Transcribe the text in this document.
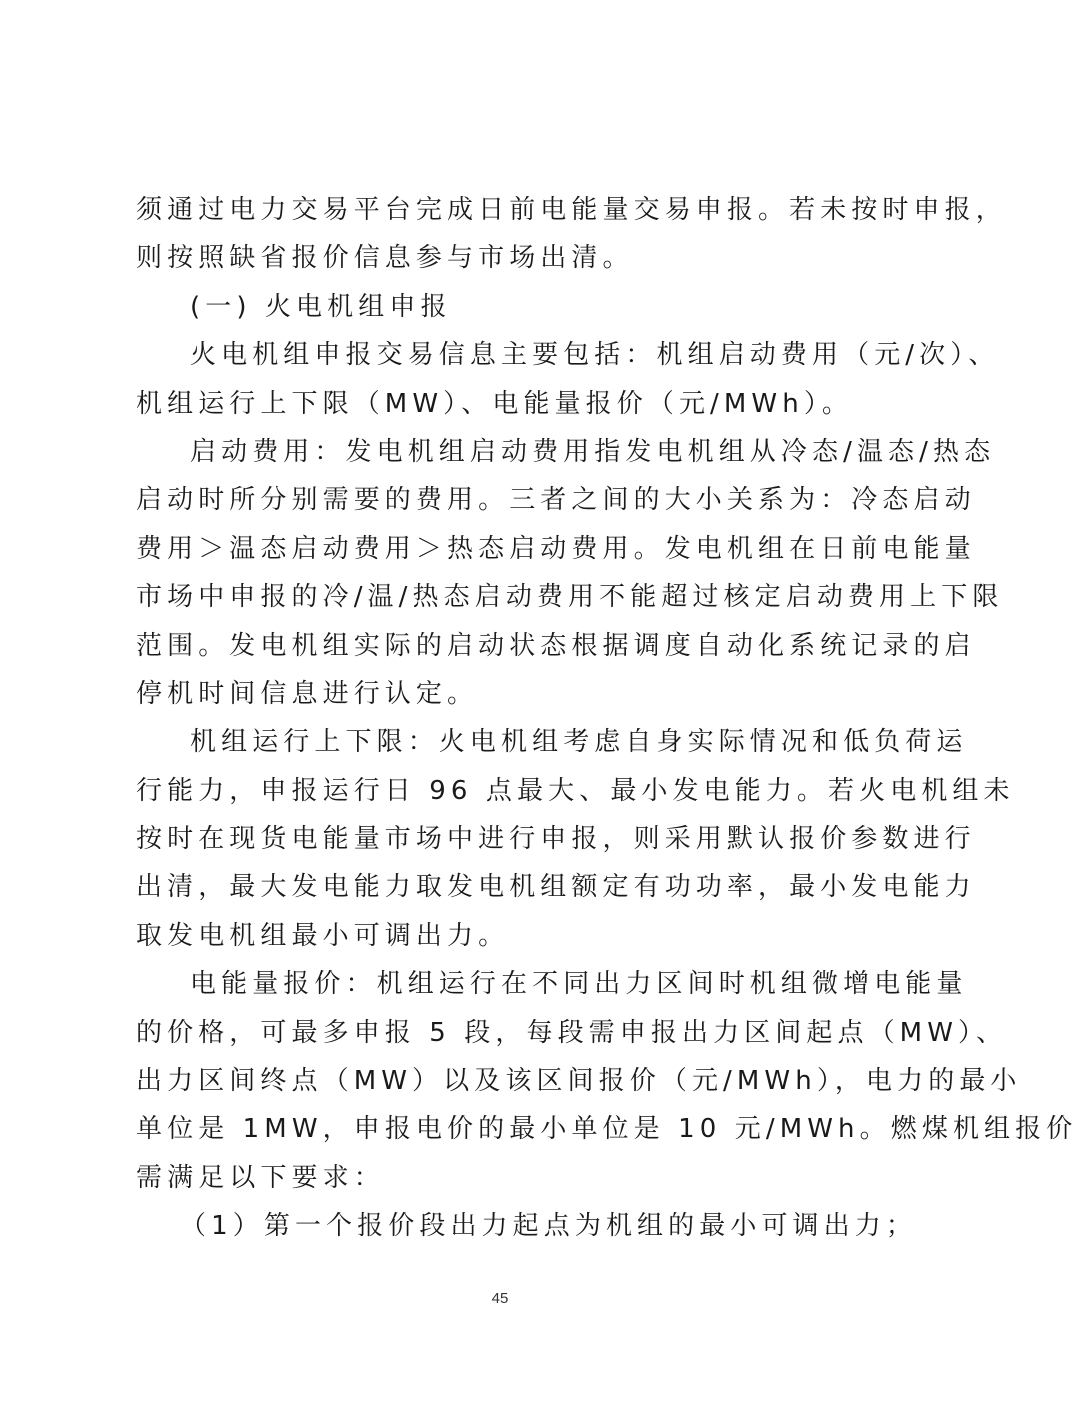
须通过电力交易平台完成日前电能量交易申报。若未按时申报，
则按照缺省报价信息参与市场出清。
(一) 火电机组申报
火电机组申报交易信息主要包括：机组启动费用（元/次）、
机组运行上下限（MW）、电能量报价（元/MWh）。
启动费用：发电机组启动费用指发电机组从冷态/温态/热态
启动时所分别需要的费用。三者之间的大小关系为：冷态启动
费用＞温态启动费用＞热态启动费用。发电机组在日前电能量
市场中申报的冷/温/热态启动费用不能超过核定启动费用上下限
范围。发电机组实际的启动状态根据调度自动化系统记录的启
停机时间信息进行认定。
机组运行上下限：火电机组考虑自身实际情况和低负荷运
行能力，申报运行日 96 点最大、最小发电能力。若火电机组未
按时在现货电能量市场中进行申报，则采用默认报价参数进行
出清，最大发电能力取发电机组额定有功功率，最小发电能力
取发电机组最小可调出力。
电能量报价：机组运行在不同出力区间时机组微增电能量
的价格，可最多申报 5 段，每段需申报出力区间起点（MW）、
出力区间终点（MW）以及该区间报价（元/MWh），电力的最小
单位是 1MW，申报电价的最小单位是 10 元/MWh。燃煤机组报价
需满足以下要求：
（1）第一个报价段出力起点为机组的最小可调出力；
45
